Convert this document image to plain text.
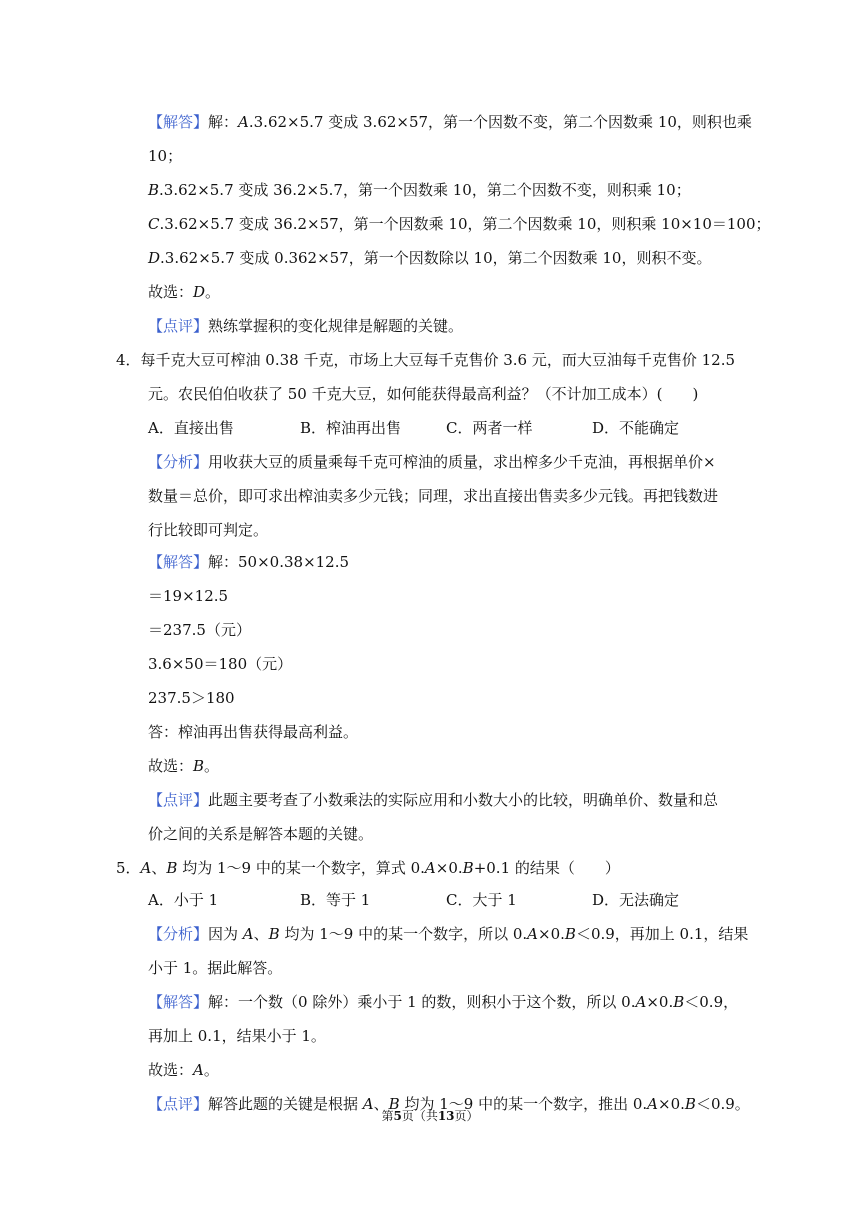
【解答】解：A.3.62×5.7 变成 3.62×57，第一个因数不变，第二个因数乘 10，则积也乘
10；
B.3.62×5.7 变成 36.2×5.7，第一个因数乘 10，第二个因数不变，则积乘 10；
C.3.62×5.7 变成 36.2×57，第一个因数乘 10，第二个因数乘 10，则积乘 10×10＝100；
D.3.62×5.7 变成 0.362×57，第一个因数除以 10，第二个因数乘 10，则积不变。
故选：D。
【点评】熟练掌握积的变化规律是解题的关键。
4．每千克大豆可榨油 0.38 千克，市场上大豆每千克售价 3.6 元，而大豆油每千克售价 12.5
元。农民伯伯收获了 50 千克大豆，如何能获得最高利益？（不计加工成本）(　　)
A．直接出售	B．榨油再出售	C．两者一样	D．不能确定
【分析】用收获大豆的质量乘每千克可榨油的质量，求出榨多少千克油，再根据单价×
数量＝总价，即可求出榨油卖多少元钱；同理，求出直接出售卖多少元钱。再把钱数进
行比较即可判定。
【解答】解：50×0.38×12.5
＝19×12.5
＝237.5（元）
3.6×50＝180（元）
237.5＞180
答：榨油再出售获得最高利益。
故选：B。
【点评】此题主要考查了小数乘法的实际应用和小数大小的比较，明确单价、数量和总
价之间的关系是解答本题的关键。
5．A、B 均为 1～9 中的某一个数字，算式 0.A×0.B+0.1 的结果（　　）
A．小于 1	B．等于 1	C．大于 1	D．无法确定
【分析】因为 A、B 均为 1～9 中的某一个数字，所以 0.A×0.B＜0.9，再加上 0.1，结果
小于 1。据此解答。
【解答】解：一个数（0 除外）乘小于 1 的数，则积小于这个数，所以 0.A×0.B＜0.9，
再加上 0.1，结果小于 1。
故选：A。
【点评】解答此题的关键是根据 A、B 均为 1～9 中的某一个数字，推出 0.A×0.B＜0.9。
第5页（共13页）
